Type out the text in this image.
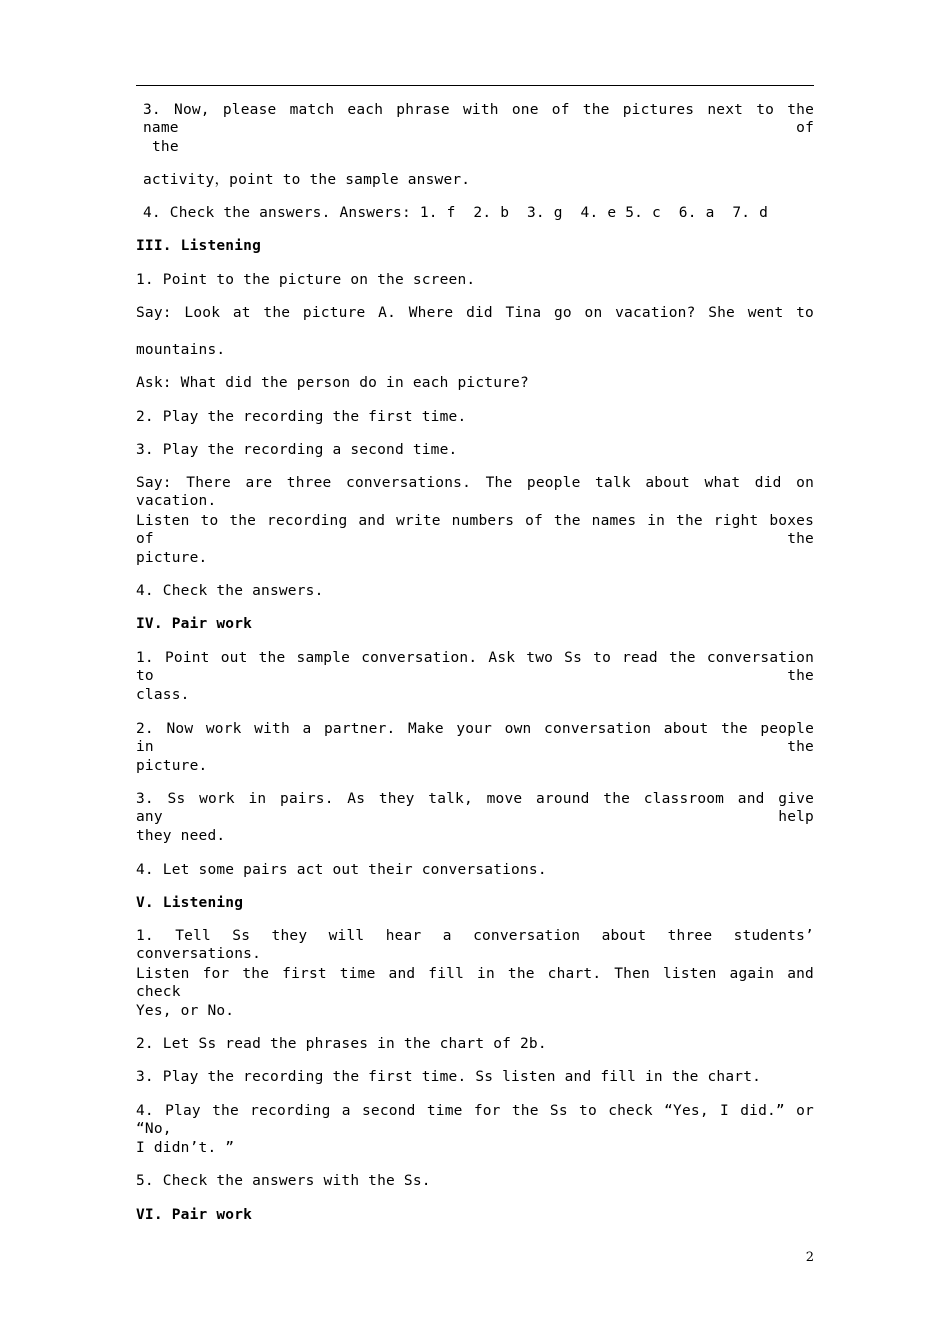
3. Now, please match each phrase with one of the pictures next to the name of
the
activity，point to the sample answer.
4. Check the answers. Answers: 1. f  2. b  3. g  4. e 5. c  6. a  7. d
III. Listening
1. Point to the picture on the screen.
Say: Look at the picture A. Where did Tina go on vacation? She went to
mountains.
Ask: What did the person do in each picture?
2. Play the recording the first time.
3. Play the recording a second time.
Say: There are three conversations. The people talk about what did on vacation.
Listen to the recording and write numbers of the names in the right boxes of the
picture.
4. Check the answers.
IV. Pair work
1. Point out the sample conversation. Ask two Ss to read the conversation to the
class.
2. Now work with a partner. Make your own conversation about the people in the
picture.
3. Ss work in pairs. As they talk, move around the classroom and give any help
they need.
4. Let some pairs act out their conversations.
V. Listening
1. Tell Ss they will hear a conversation about three students’ conversations.
Listen for the first time and fill in the chart. Then listen again and check
Yes, or No.
2. Let Ss read the phrases in the chart of 2b.
3. Play the recording the first time. Ss listen and fill in the chart.
4. Play the recording a second time for the Ss to check “Yes, I did.” or “No,
I didn’t. ”
5. Check the answers with the Ss.
VI. Pair work
2
